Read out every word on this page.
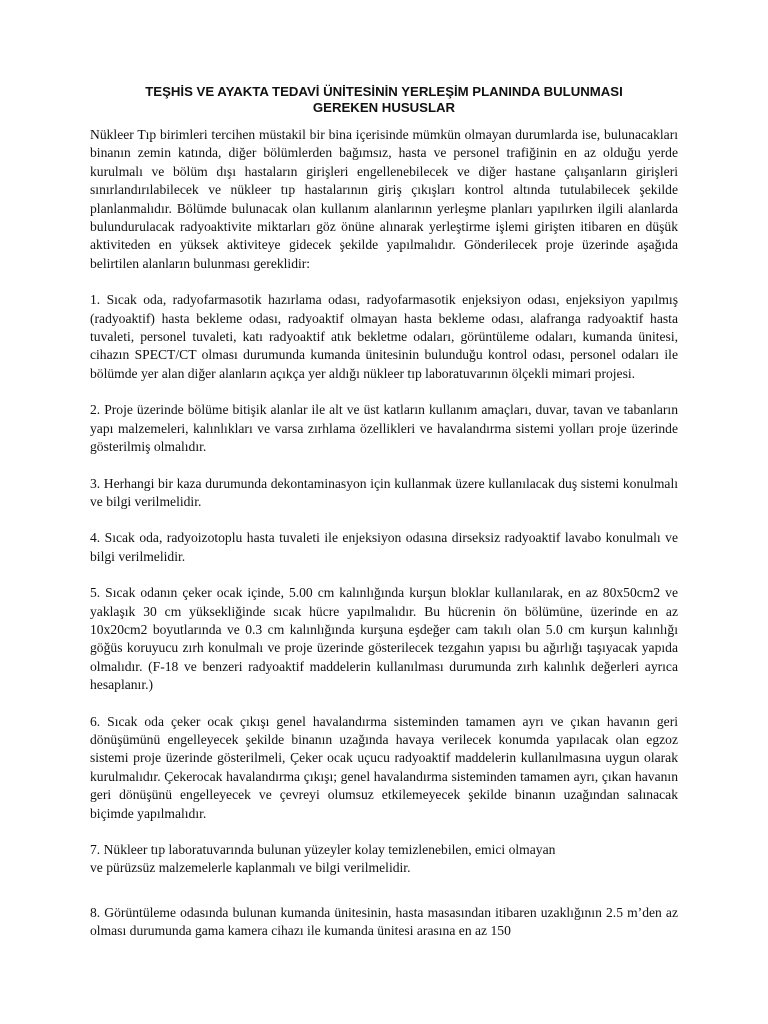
TEŞHİS VE AYAKTA TEDAVİ ÜNİTESİNİN YERLEŞİM PLANINDA BULUNMASI
GEREKEN HUSUSLAR

Nükleer Tıp birimleri tercihen müstakil bir bina içerisinde mümkün olmayan durumlarda ise, bulunacakları binanın zemin katında, diğer bölümlerden bağımsız, hasta ve personel trafiğinin en az olduğu yerde kurulmalı ve bölüm dışı hastaların girişleri engellenebilecek ve diğer hastane çalışanların girişleri sınırlandırılabilecek ve nükleer tıp hastalarının giriş çıkışları kontrol altında tutulabilecek şekilde planlanmalıdır. Bölümde bulunacak olan kullanım alanlarının yerleşme planları yapılırken ilgili alanlarda bulundurulacak radyoaktivite miktarları göz önüne alınarak yerleştirme işlemi girişten itibaren en düşük aktiviteden en yüksek aktiviteye gidecek şekilde yapılmalıdır. Gönderilecek proje üzerinde aşağıda belirtilen alanların bulunması gereklidir:

1. Sıcak oda, radyofarmasotik hazırlama odası, radyofarmasotik enjeksiyon odası, enjeksiyon yapılmış (radyoaktif) hasta bekleme odası, radyoaktif olmayan hasta bekleme odası, alafranga radyoaktif hasta tuvaleti, personel tuvaleti, katı radyoaktif atık bekletme odaları, görüntüleme odaları, kumanda ünitesi, cihazın SPECT/CT olması durumunda kumanda ünitesinin bulunduğu kontrol odası, personel odaları ile bölümde yer alan diğer alanların açıkça yer aldığı nükleer tıp laboratuvarının ölçekli mimari projesi.

2. Proje üzerinde bölüme bitişik alanlar ile alt ve üst katların kullanım amaçları, duvar, tavan ve tabanların yapı malzemeleri, kalınlıkları ve varsa zırhlama özellikleri ve havalandırma sistemi yolları proje üzerinde gösterilmiş olmalıdır.

3. Herhangi bir kaza durumunda dekontaminasyon için kullanmak üzere kullanılacak duş sistemi konulmalı ve bilgi verilmelidir.

4. Sıcak oda, radyoizotoplu hasta tuvaleti ile enjeksiyon odasına dirseksiz radyoaktif lavabo konulmalı ve bilgi verilmelidir.

5. Sıcak odanın çeker ocak içinde, 5.00 cm kalınlığında kurşun bloklar kullanılarak, en az 80x50cm2 ve yaklaşık 30 cm yüksekliğinde sıcak hücre yapılmalıdır. Bu hücrenin ön bölümüne, üzerinde en az 10x20cm2 boyutlarında ve 0.3 cm kalınlığında kurşuna eşdeğer cam takılı olan 5.0 cm kurşun kalınlığı göğüs koruyucu zırh konulmalı ve proje üzerinde gösterilecek tezgahın yapısı bu ağırlığı taşıyacak yapıda olmalıdır. (F-18 ve benzeri radyoaktif maddelerin kullanılması durumunda zırh kalınlık değerleri ayrıca hesaplanır.)

6. Sıcak oda çeker ocak çıkışı genel havalandırma sisteminden tamamen ayrı ve çıkan havanın geri dönüşümünü engelleyecek şekilde binanın uzağında havaya verilecek konumda yapılacak olan egzoz sistemi proje üzerinde gösterilmeli, Çeker ocak uçucu radyoaktif maddelerin kullanılmasına uygun olarak kurulmalıdır. Çekerocak havalandırma çıkışı; genel havalandırma sisteminden tamamen ayrı, çıkan havanın geri dönüşünü engelleyecek ve çevreyi olumsuz etkilemeyecek şekilde binanın uzağından salınacak biçimde yapılmalıdır.

7. Nükleer tıp laboratuvarında bulunan yüzeyler kolay temizlenebilen, emici olmayan
ve pürüzsüz malzemelerle kaplanmalı ve bilgi verilmelidir.

8. Görüntüleme odasında bulunan kumanda ünitesinin, hasta masasından itibaren uzaklığının 2.5 m’den az olması durumunda gama kamera cihazı ile kumanda ünitesi arasına en az 150
